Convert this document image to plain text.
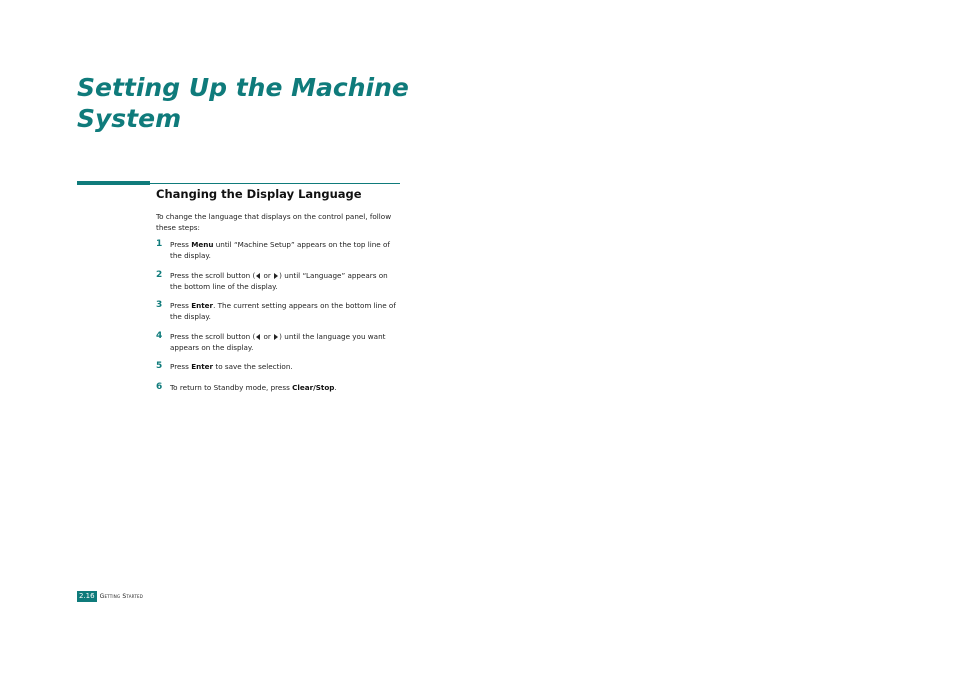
Setting Up the Machine System
Changing the Display Language

To change the language that displays on the control panel, follow these steps:

1 Press Menu until “Machine Setup” appears on the top line of the display.
2 Press the scroll button ( or ) until “Language” appears on the bottom line of the display.
3 Press Enter. The current setting appears on the bottom line of the display.
4 Press the scroll button ( or ) until the language you want appears on the display.
5 Press Enter to save the selection.
6 To return to Standby mode, press Clear/Stop.
2.16 Getting Started
